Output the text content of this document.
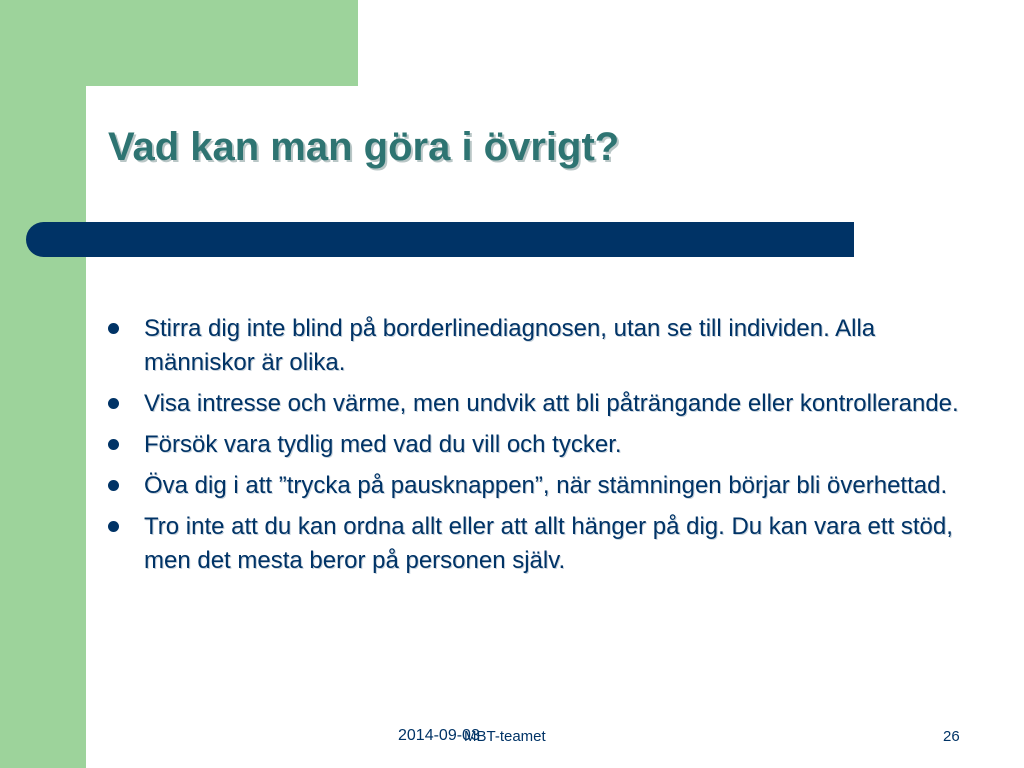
Vad kan man göra i övrigt?
Stirra dig inte blind på borderlinediagnosen, utan se till individen. Alla människor är olika.
Visa intresse och värme, men undvik att bli påträngande eller kontrollerande.
Försök vara tydlig med vad du vill och tycker.
Öva dig i att ”trycka på pausknappen”, när stämningen börjar bli överhettad.
Tro inte att du kan ordna allt eller att allt hänger på dig. Du kan vara ett stöd, men det mesta beror på personen själv.
2014-09-03
MBT-teamet	26
